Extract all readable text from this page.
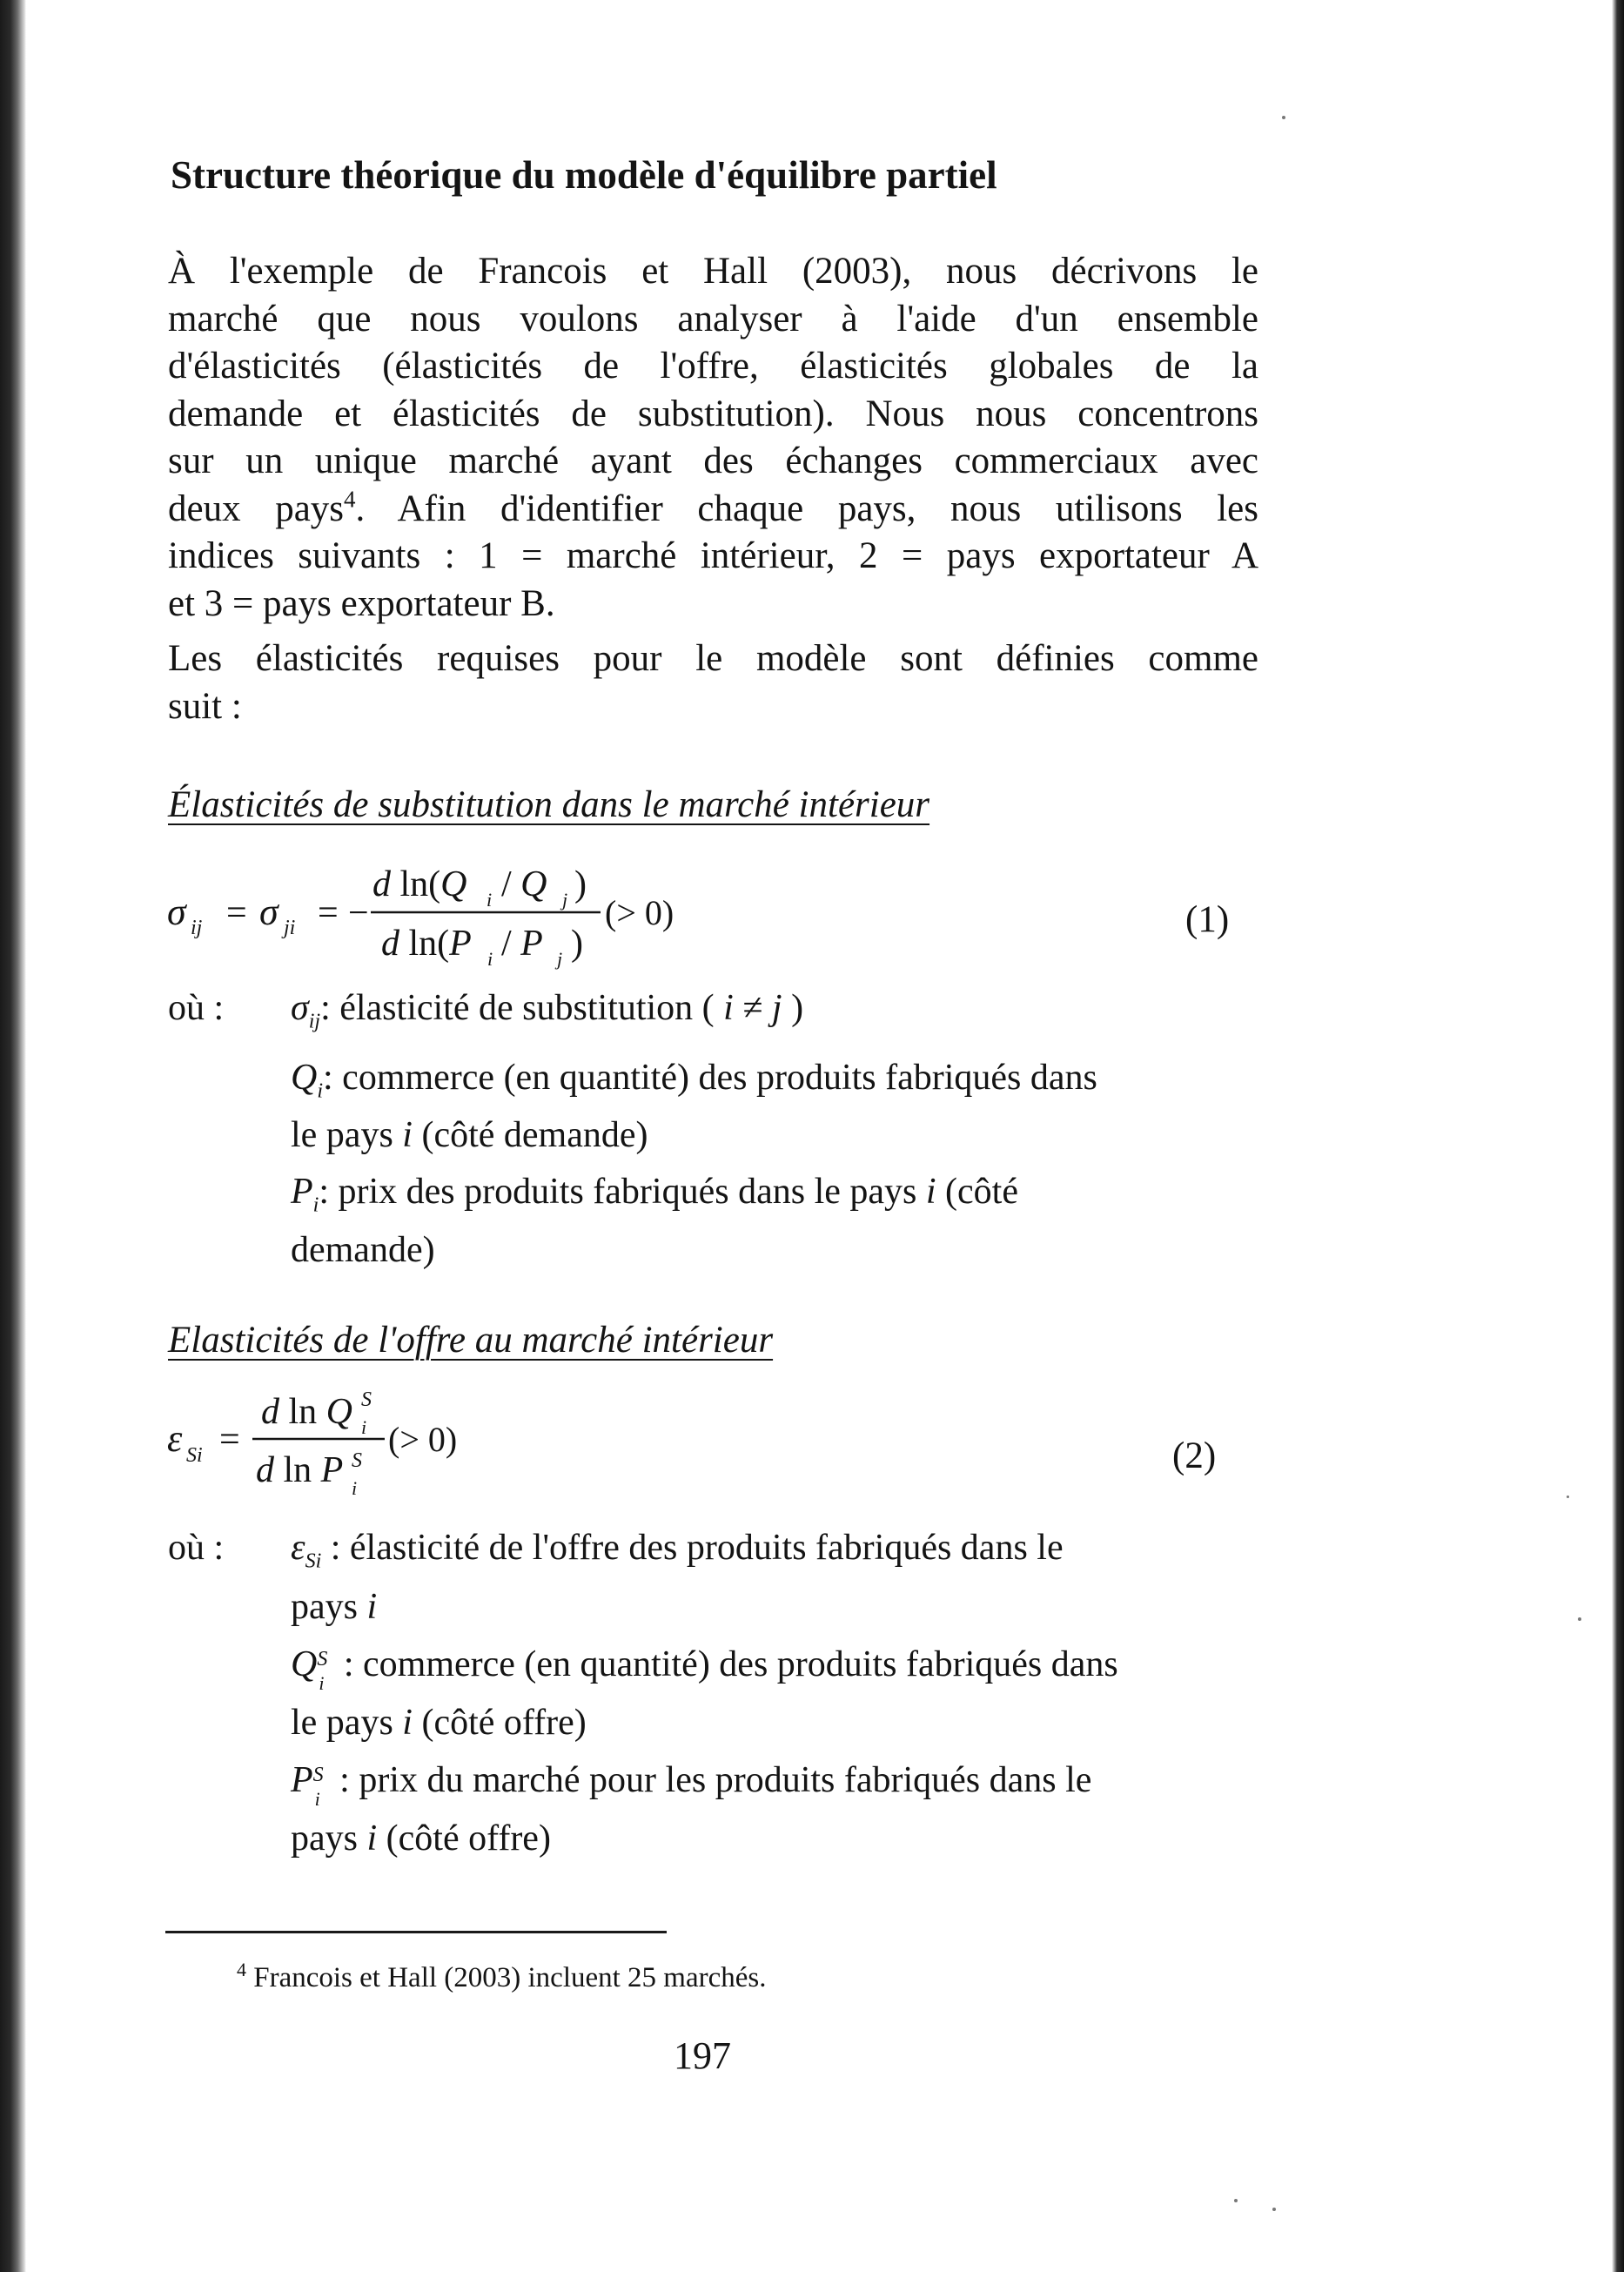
Structure théorique du modèle d'équilibre partiel
À l'exemple de Francois et Hall (2003), nous décrivons le
marché que nous voulons analyser à l'aide d'un ensemble
d'élasticités (élasticités de l'offre, élasticités globales de la
demande et élasticités de substitution). Nous nous concentrons
sur un unique marché ayant des échanges commerciaux avec
deux pays$^4$. Afin d'identifier chaque pays, nous utilisons les
indices suivants : 1 = marché intérieur, 2 = pays exportateur A
et 3 = pays exportateur B.
Les élasticités requises pour le modèle sont définies comme
suit :
Élasticités de substitution dans le marché intérieur
σ ij = σ ji = −
d ln(Q i / Q j )
d ln(P i / P j )
(> 0)	(1)
où : $\sigma_{ij}$: élasticité de substitution ( i ≠ j )
$Q_i$: commerce (en quantité) des produits fabriqués dans
le pays i (côté demande)
$P_i$: prix des produits fabriqués dans le pays i (côté
demande)
Elasticités de l'offre au marché intérieur
ε Si =
d ln Q S
i
d ln P S
i
(> 0)	(2)
où : $\varepsilon_{Si}$ : élasticité de l'offre des produits fabriqués dans le
pays i
Q S
i : commerce (en quantité) des produits fabriqués dans
le pays i (côté offre)
P S
i : prix du marché pour les produits fabriqués dans le
pays i (côté offre)
$^4$ Francois et Hall (2003) incluent 25 marchés.
197
